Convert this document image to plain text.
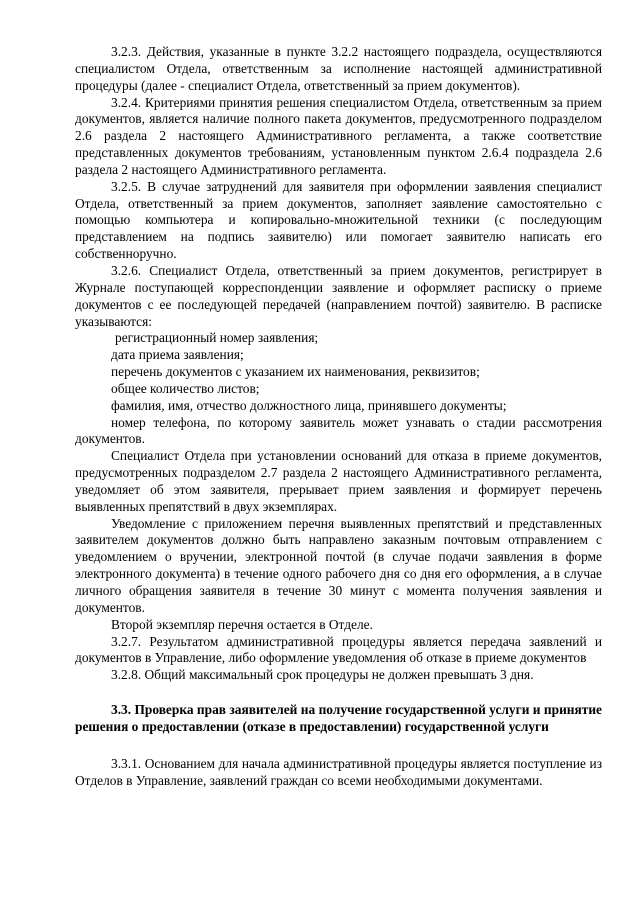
3.2.3. Действия, указанные в пункте 3.2.2 настоящего подраздела, осуществляются специалистом Отдела, ответственным за исполнение настоящей административной процедуры (далее - специалист Отдела, ответственный за прием документов).

3.2.4. Критериями принятия решения специалистом Отдела, ответственным за прием документов, является наличие полного пакета документов, предусмотренного подразделом 2.6 раздела 2 настоящего Административного регламента, а также соответствие представленных документов требованиям, установленным пунктом 2.6.4 подраздела 2.6 раздела 2 настоящего Административного регламента.

3.2.5. В случае затруднений для заявителя при оформлении заявления специалист Отдела, ответственный за прием документов, заполняет заявление самостоятельно с помощью компьютера и копировально-множительной техники (с последующим представлением на подпись заявителю) или помогает заявителю написать его собственноручно.

3.2.6. Специалист Отдела, ответственный за прием документов, регистрирует в Журнале поступающей корреспонденции заявление и оформляет расписку о приеме документов с ее последующей передачей (направлением почтой) заявителю. В расписке указываются:

регистрационный номер заявления;

дата приема заявления;

перечень документов с указанием их наименования, реквизитов;

общее количество листов;

фамилия, имя, отчество должностного лица, принявшего документы;

номер телефона, по которому заявитель может узнавать о стадии рассмотрения документов.

Специалист Отдела при установлении оснований для отказа в приеме документов, предусмотренных подразделом 2.7 раздела 2 настоящего Административного регламента, уведомляет об этом заявителя, прерывает прием заявления и формирует перечень выявленных препятствий в двух экземплярах.

Уведомление с приложением перечня выявленных препятствий и представленных заявителем документов должно быть направлено заказным почтовым отправлением с уведомлением о вручении, электронной почтой (в случае подачи заявления в форме электронного документа) в течение одного рабочего дня со дня его оформления, а в случае личного обращения заявителя в течение 30 минут с момента получения заявления и документов.

Второй экземпляр перечня остается в Отделе.

3.2.7. Результатом административной процедуры является передача заявлений и документов в Управление, либо оформление уведомления об отказе в приеме документов

3.2.8. Общий максимальный срок процедуры не должен превышать 3 дня.

3.3. Проверка прав заявителей на получение государственной услуги и принятие решения о предоставлении (отказе в предоставлении) государственной услуги

3.3.1. Основанием для начала административной процедуры является поступление из Отделов в Управление, заявлений граждан со всеми необходимыми документами.
